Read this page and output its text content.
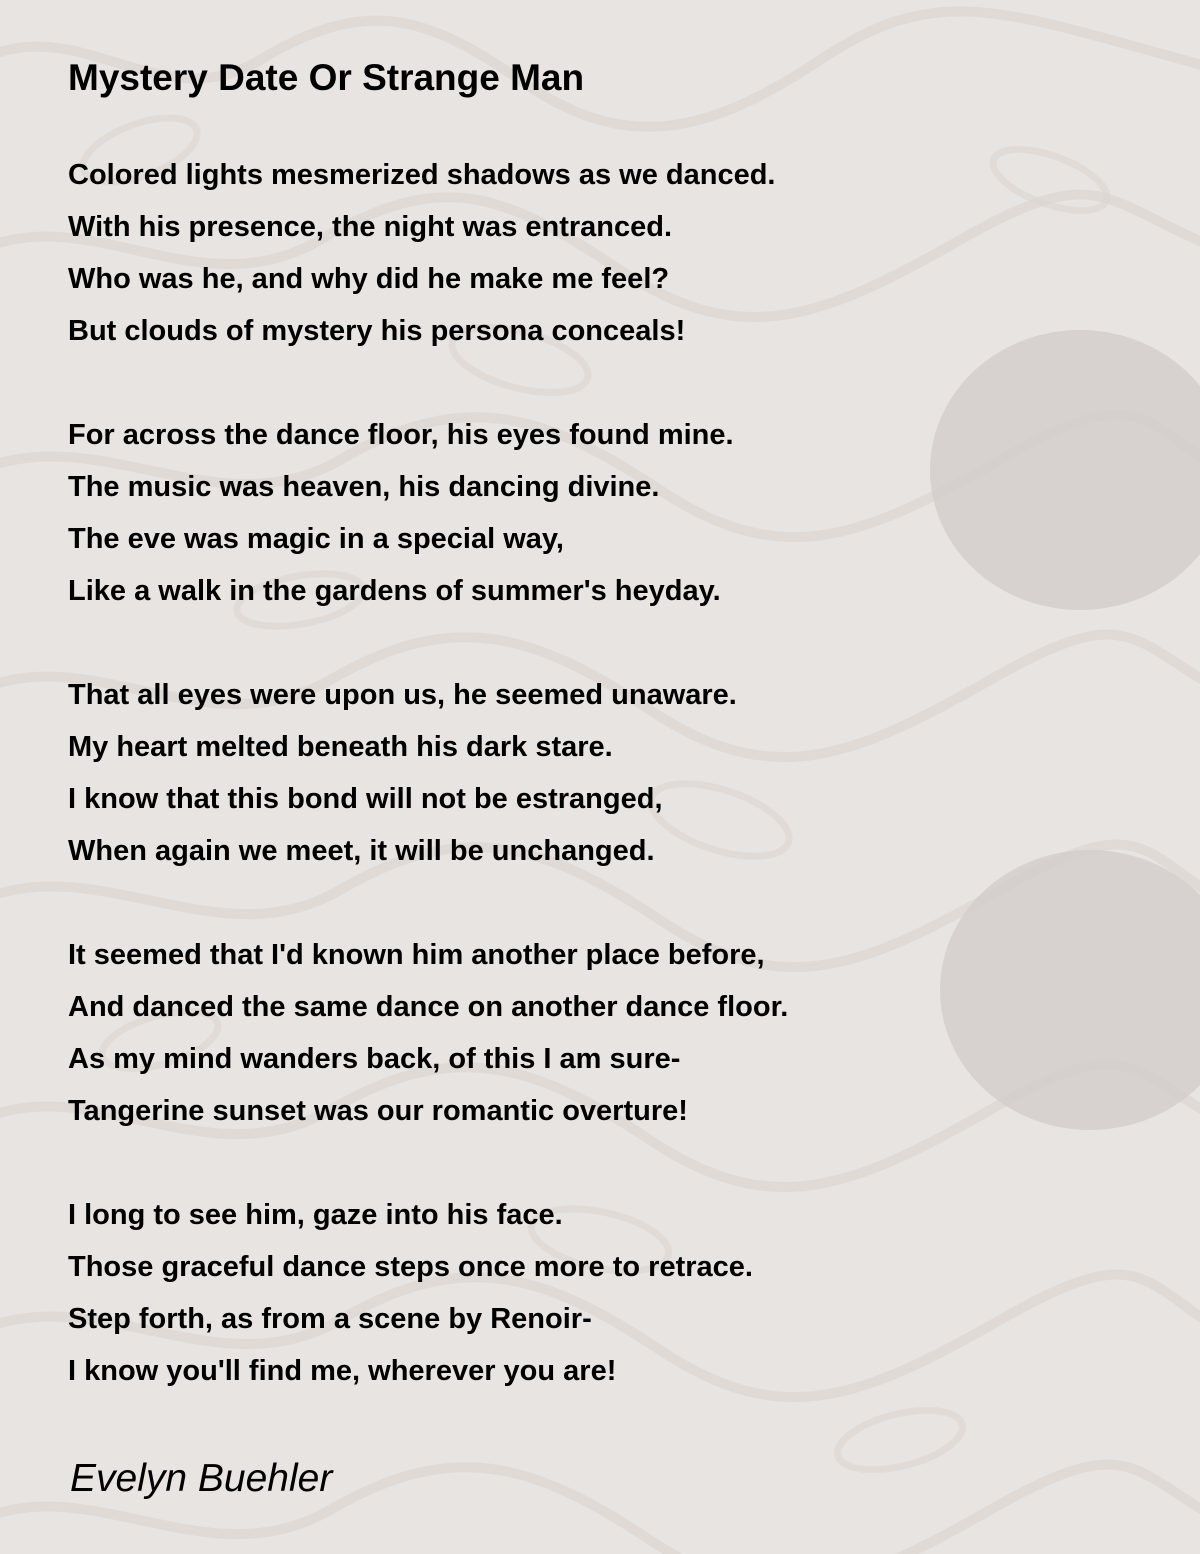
Mystery Date Or Strange Man
Colored lights mesmerized shadows as we danced.
With his presence, the night was entranced.
Who was he, and why did he make me feel?
But clouds of mystery his persona conceals!
For across the dance floor, his eyes found mine.
The music was heaven, his dancing divine.
The eve was magic in a special way,
Like a walk in the gardens of summer's heyday.
That all eyes were upon us, he seemed unaware.
My heart melted beneath his dark stare.
I know that this bond will not be estranged,
When again we meet, it will be unchanged.
It seemed that I'd known him another place before,
And danced the same dance on another dance floor.
As my mind wanders back, of this I am sure-
Tangerine sunset was our romantic overture!
I long to see him, gaze into his face.
Those graceful dance steps once more to retrace.
Step forth, as from a scene by Renoir-
I know you'll find me, wherever you are!

Evelyn Buehler
